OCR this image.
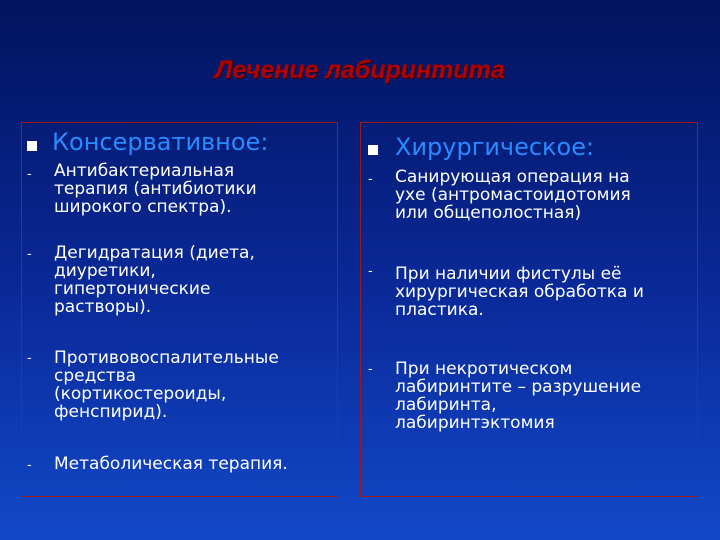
Лечение лабиринтита
Консервативное:
- Антибактериальная
терапия (антибиотики
широкого спектра).
- Дегидратация (диета,
диуретики,
гипертонические
растворы).
- Противовоспалительные
средства
(кортикостероиды,
фенспирид).
- Метаболическая терапия.
Хирургическое:
- Санирующая операция на
ухе (антромастоидотомия
или общеполостная)
- При наличии фистулы её
хирургическая обработка и
пластика.
- При некротическом
лабиринтите – разрушение
лабиринта,
лабиринтэктомия
